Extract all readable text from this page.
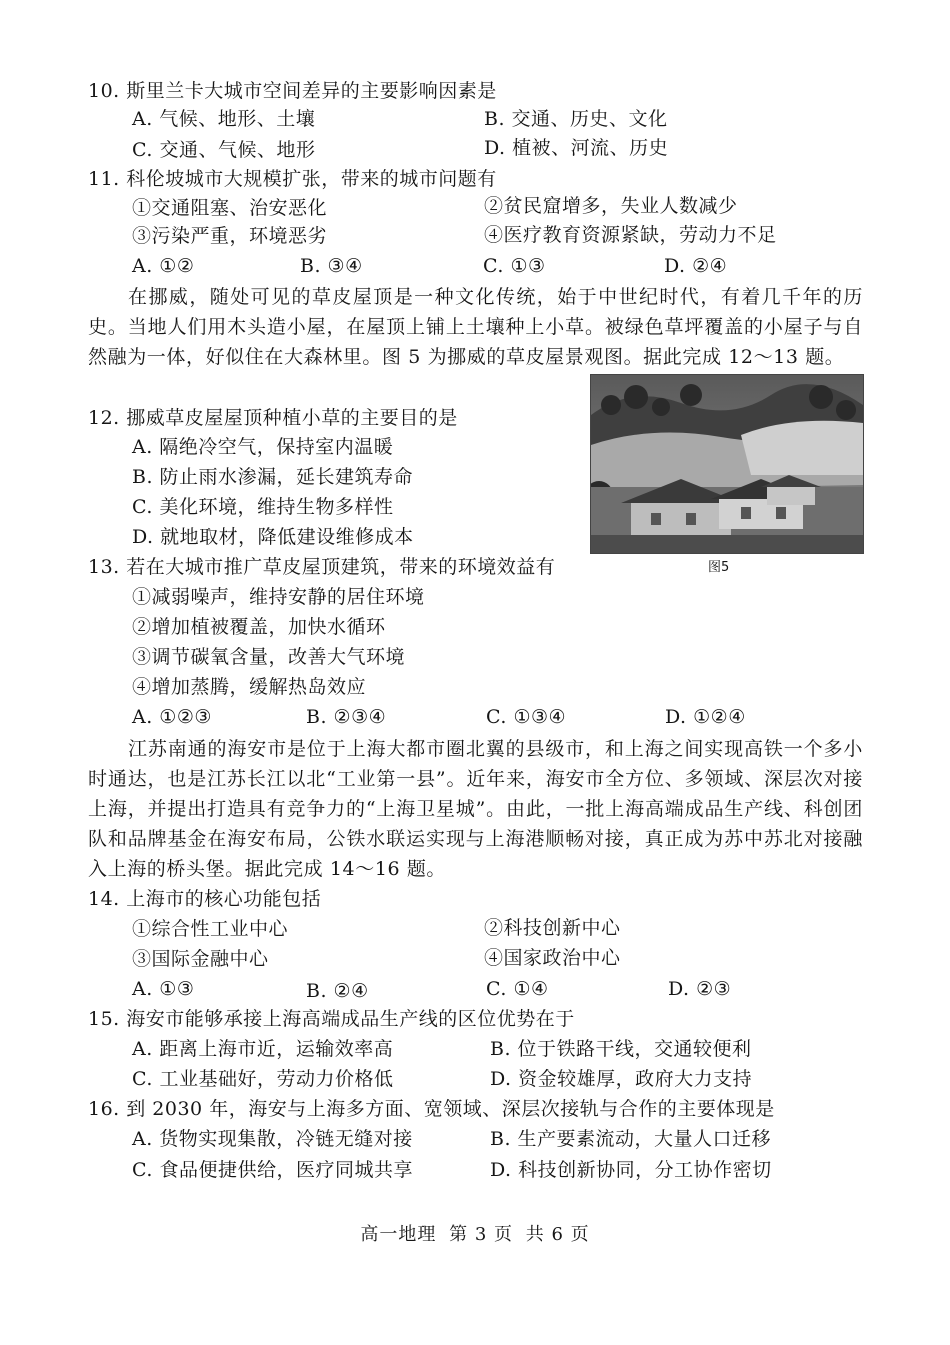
10. 斯里兰卡大城市空间差异的主要影响因素是
A. 气候、地形、土壤	B. 交通、历史、文化
C. 交通、气候、地形	D. 植被、河流、历史
11. 科伦坡城市大规模扩张，带来的城市问题有
①交通阻塞、治安恶化	②贫民窟增多，失业人数减少
③污染严重，环境恶劣	④医疗教育资源紧缺，劳动力不足
A. ①②	B. ③④	C. ①③	D. ②④

在挪威，随处可见的草皮屋顶是一种文化传统，始于中世纪时代，有着几千年的历史。当地人们用木头造小屋，在屋顶上铺上土壤种上小草。被绿色草坪覆盖的小屋子与自然融为一体，好似住在大森林里。图 5 为挪威的草皮屋景观图。据此完成 12～13 题。

图5
12. 挪威草皮屋屋顶种植小草的主要目的是
A. 隔绝冷空气，保持室内温暖
B. 防止雨水渗漏，延长建筑寿命
C. 美化环境，维持生物多样性
D. 就地取材，降低建设维修成本
13. 若在大城市推广草皮屋顶建筑，带来的环境效益有
①减弱噪声，维持安静的居住环境
②增加植被覆盖，加快水循环
③调节碳氧含量，改善大气环境
④增加蒸腾，缓解热岛效应
A. ①②③	B. ②③④	C. ①③④	D. ①②④

江苏南通的海安市是位于上海大都市圈北翼的县级市，和上海之间实现高铁一个多小时通达，也是江苏长江以北“工业第一县”。近年来，海安市全方位、多领域、深层次对接上海，并提出打造具有竞争力的“上海卫星城”。由此，一批上海高端成品生产线、科创团队和品牌基金在海安布局，公铁水联运实现与上海港顺畅对接，真正成为苏中苏北对接融入上海的桥头堡。据此完成 14～16 题。

14. 上海市的核心功能包括
①综合性工业中心	②科技创新中心
③国际金融中心	④国家政治中心
A. ①③	B. ②④	C. ①④	D. ②③
15. 海安市能够承接上海高端成品生产线的区位优势在于
A. 距离上海市近，运输效率高	B. 位于铁路干线，交通较便利
C. 工业基础好，劳动力价格低	D. 资金较雄厚，政府大力支持
16. 到 2030 年，海安与上海多方面、宽领域、深层次接轨与合作的主要体现是
A. 货物实现集散，冷链无缝对接	B. 生产要素流动，大量人口迁移
C. 食品便捷供给，医疗同城共享	D. 科技创新协同，分工协作密切
高一地理 第 3 页 共 6 页
